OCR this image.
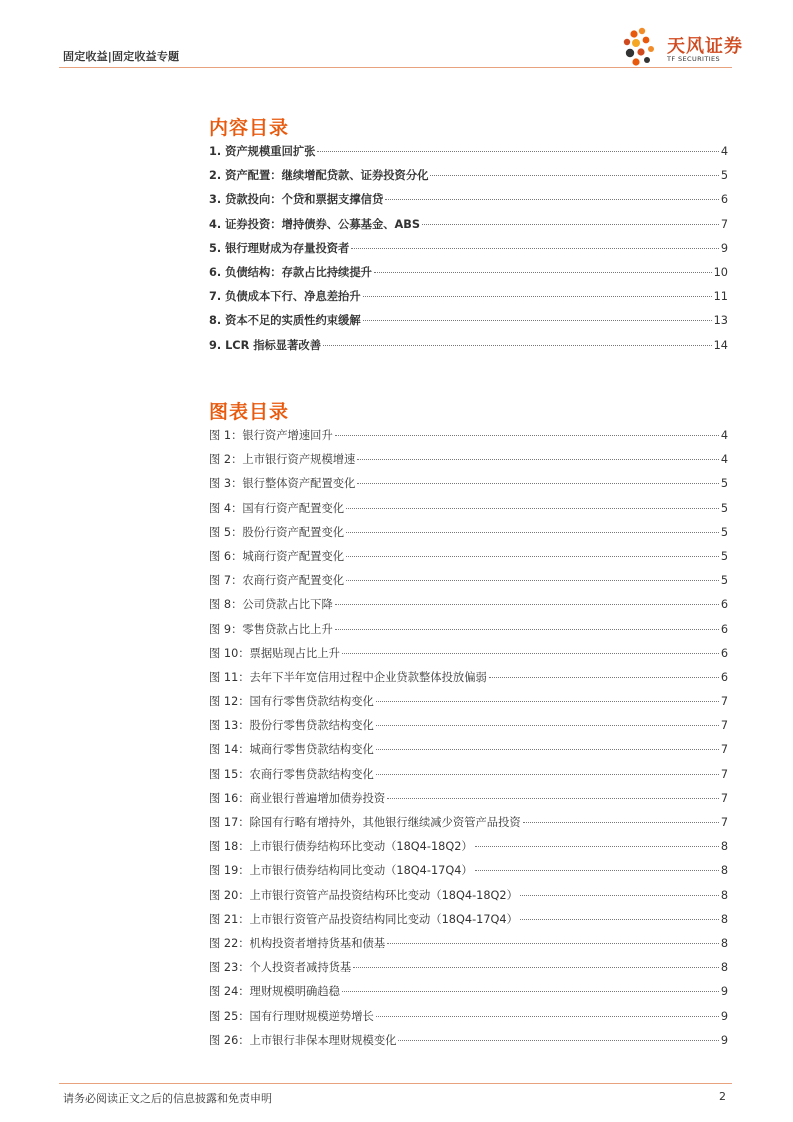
固定收益|固定收益专题	天风证券
TF SECURITIES
内容目录
1. 资产规模重回扩张	4
2. 资产配置：继续增配贷款、证券投资分化	5
3. 贷款投向：个贷和票据支撑信贷	6
4. 证券投资：增持债券、公募基金、ABS	7
5. 银行理财成为存量投资者	9
6. 负债结构：存款占比持续提升	10
7. 负债成本下行、净息差抬升	11
8. 资本不足的实质性约束缓解	13
9. LCR 指标显著改善	14
图表目录
图 1：银行资产增速回升	4
图 2：上市银行资产规模增速	4
图 3：银行整体资产配置变化	5
图 4：国有行资产配置变化	5
图 5：股份行资产配置变化	5
图 6：城商行资产配置变化	5
图 7：农商行资产配置变化	5
图 8：公司贷款占比下降	6
图 9：零售贷款占比上升	6
图 10：票据贴现占比上升	6
图 11：去年下半年宽信用过程中企业贷款整体投放偏弱	6
图 12：国有行零售贷款结构变化	7
图 13：股份行零售贷款结构变化	7
图 14：城商行零售贷款结构变化	7
图 15：农商行零售贷款结构变化	7
图 16：商业银行普遍增加债券投资	7
图 17：除国有行略有增持外，其他银行继续减少资管产品投资	7
图 18：上市银行债券结构环比变动（18Q4-18Q2）	8
图 19：上市银行债券结构同比变动（18Q4-17Q4）	8
图 20：上市银行资管产品投资结构环比变动（18Q4-18Q2）	8
图 21：上市银行资管产品投资结构同比变动（18Q4-17Q4）	8
图 22：机构投资者增持货基和债基	8
图 23：个人投资者减持货基	8
图 24：理财规模明确趋稳	9
图 25：国有行理财规模逆势增长	9
图 26：上市银行非保本理财规模变化	9
请务必阅读正文之后的信息披露和免责申明	2
